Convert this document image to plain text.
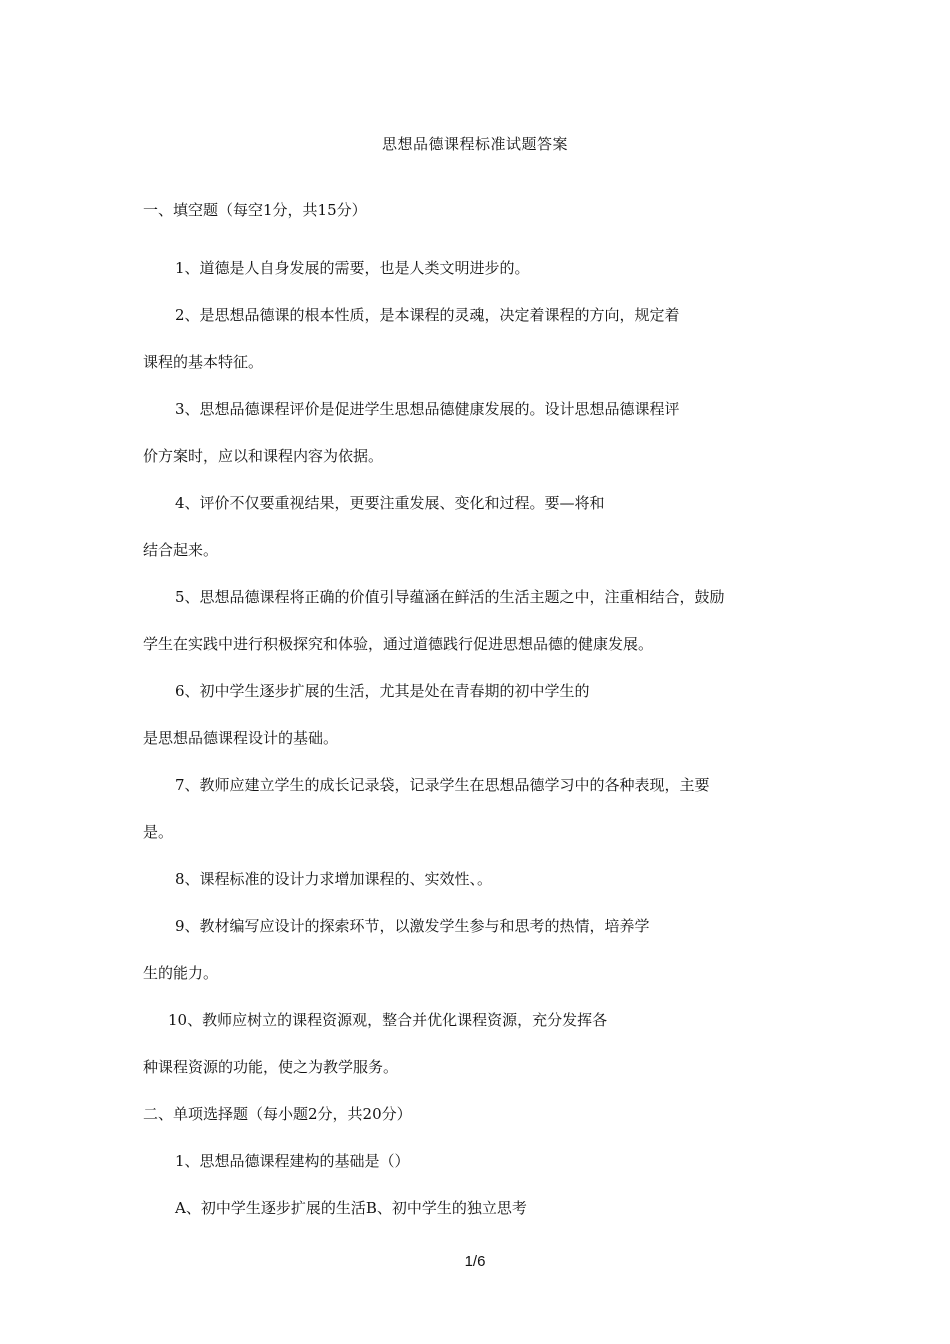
思想品德课程标准试题答案
一、填空题（每空1分，共15分）
1、道德是人自身发展的需要，也是人类文明进步的。
2、是思想品德课的根本性质，是本课程的灵魂，决定着课程的方向，规定着
课程的基本特征。
3、思想品德课程评价是促进学生思想品德健康发展的。设计思想品德课程评
价方案时，应以和课程内容为依据。
4、评价不仅要重视结果，更要注重发展、变化和过程。要—将和
结合起来。
5、思想品德课程将正确的价值引导蕴涵在鲜活的生活主题之中，注重相结合，鼓励
学生在实践中进行积极探究和体验，通过道德践行促进思想品德的健康发展。
6、初中学生逐步扩展的生活，尤其是处在青春期的初中学生的
是思想品德课程设计的基础。
7、教师应建立学生的成长记录袋，记录学生在思想品德学习中的各种表现，主要
是。
8、课程标准的设计力求增加课程的、实效性、。
9、教材编写应设计的探索环节，以激发学生参与和思考的热情，培养学
生的能力。
10、教师应树立的课程资源观，整合并优化课程资源，充分发挥各
种课程资源的功能，使之为教学服务。
二、单项选择题（每小题2分，共20分）
1、思想品德课程建构的基础是（）
A、初中学生逐步扩展的生活B、初中学生的独立思考
1/6
